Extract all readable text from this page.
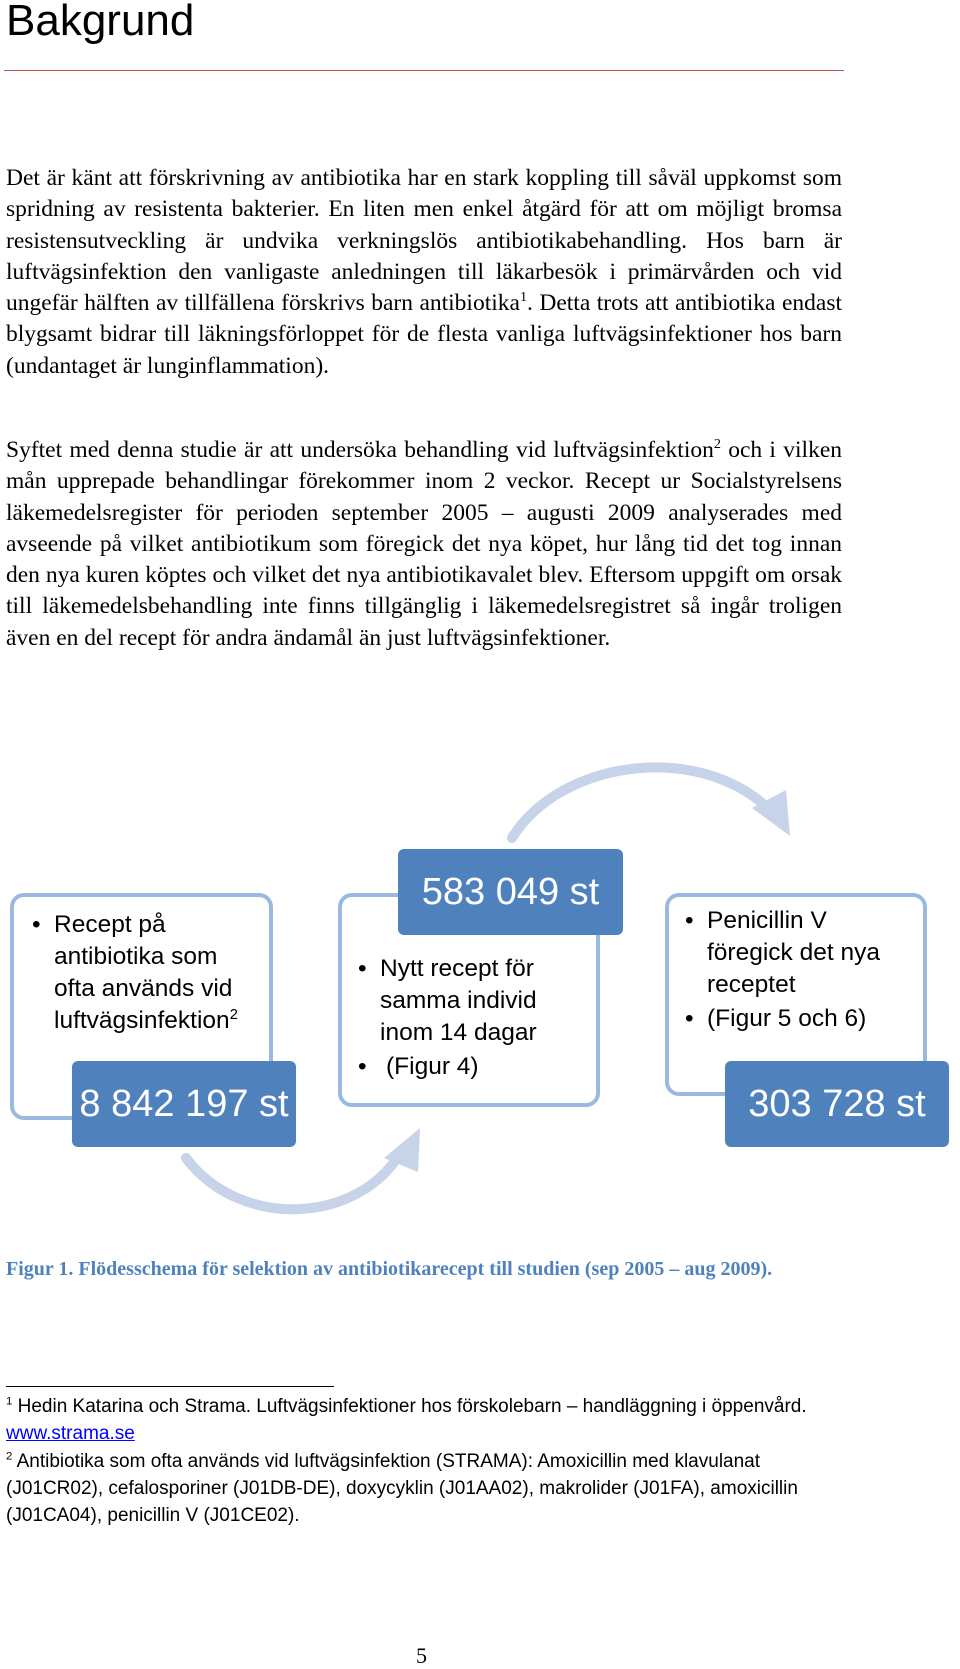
Bakgrund

Det är känt att förskrivning av antibiotika har en stark koppling till såväl uppkomst som spridning av resistenta bakterier. En liten men enkel åtgärd för att om möjligt bromsa resistensutveckling är undvika verkningslös antibiotikabehandling. Hos barn är luftvägsinfektion den vanligaste anledningen till läkarbesök i primärvården och vid ungefär hälften av tillfällena förskrivs barn antibiotika$^1$. Detta trots att antibiotika endast blygsamt bidrar till läkningsförloppet för de flesta vanliga luftvägsinfektioner hos barn (undantaget är lunginflammation).

Syftet med denna studie är att undersöka behandling vid luftvägsinfektion$^2$ och i vilken mån upprepade behandlingar förekommer inom 2 veckor. Recept ur Socialstyrelsens läkemedelsregister för perioden september 2005 – augusti 2009 analyserades med avseende på vilket antibiotikum som föregick det nya köpet, hur lång tid det tog innan den nya kuren köptes och vilket det nya antibiotikavalet blev. Eftersom uppgift om orsak till läkemedelsbehandling inte finns tillgänglig i läkemedelsregistret så ingår troligen även en del recept för andra ändamål än just luftvägsinfektioner.

• Recept på antibiotika som ofta används vid luftvägsinfektion$^2$
8 842 197 st
• Nytt recept för samma individ inom 14 dagar
• (Figur 4)
583 049 st
• Penicillin V föregick det nya receptet
• (Figur 5 och 6)
303 728 st

Figur 1. Flödesschema för selektion av antibiotikarecept till studien (sep 2005 – aug 2009).

$^1$ Hedin Katarina och Strama. Luftvägsinfektioner hos förskolebarn – handläggning i öppenvård. www.strama.se

$^2$ Antibiotika som ofta används vid luftvägsinfektion (STRAMA): Amoxicillin med klavulanat (J01CR02), cefalosporiner (J01DB-DE), doxycyklin (J01AA02), makrolider (J01FA), amoxicillin (J01CA04), penicillin V (J01CE02).

5
